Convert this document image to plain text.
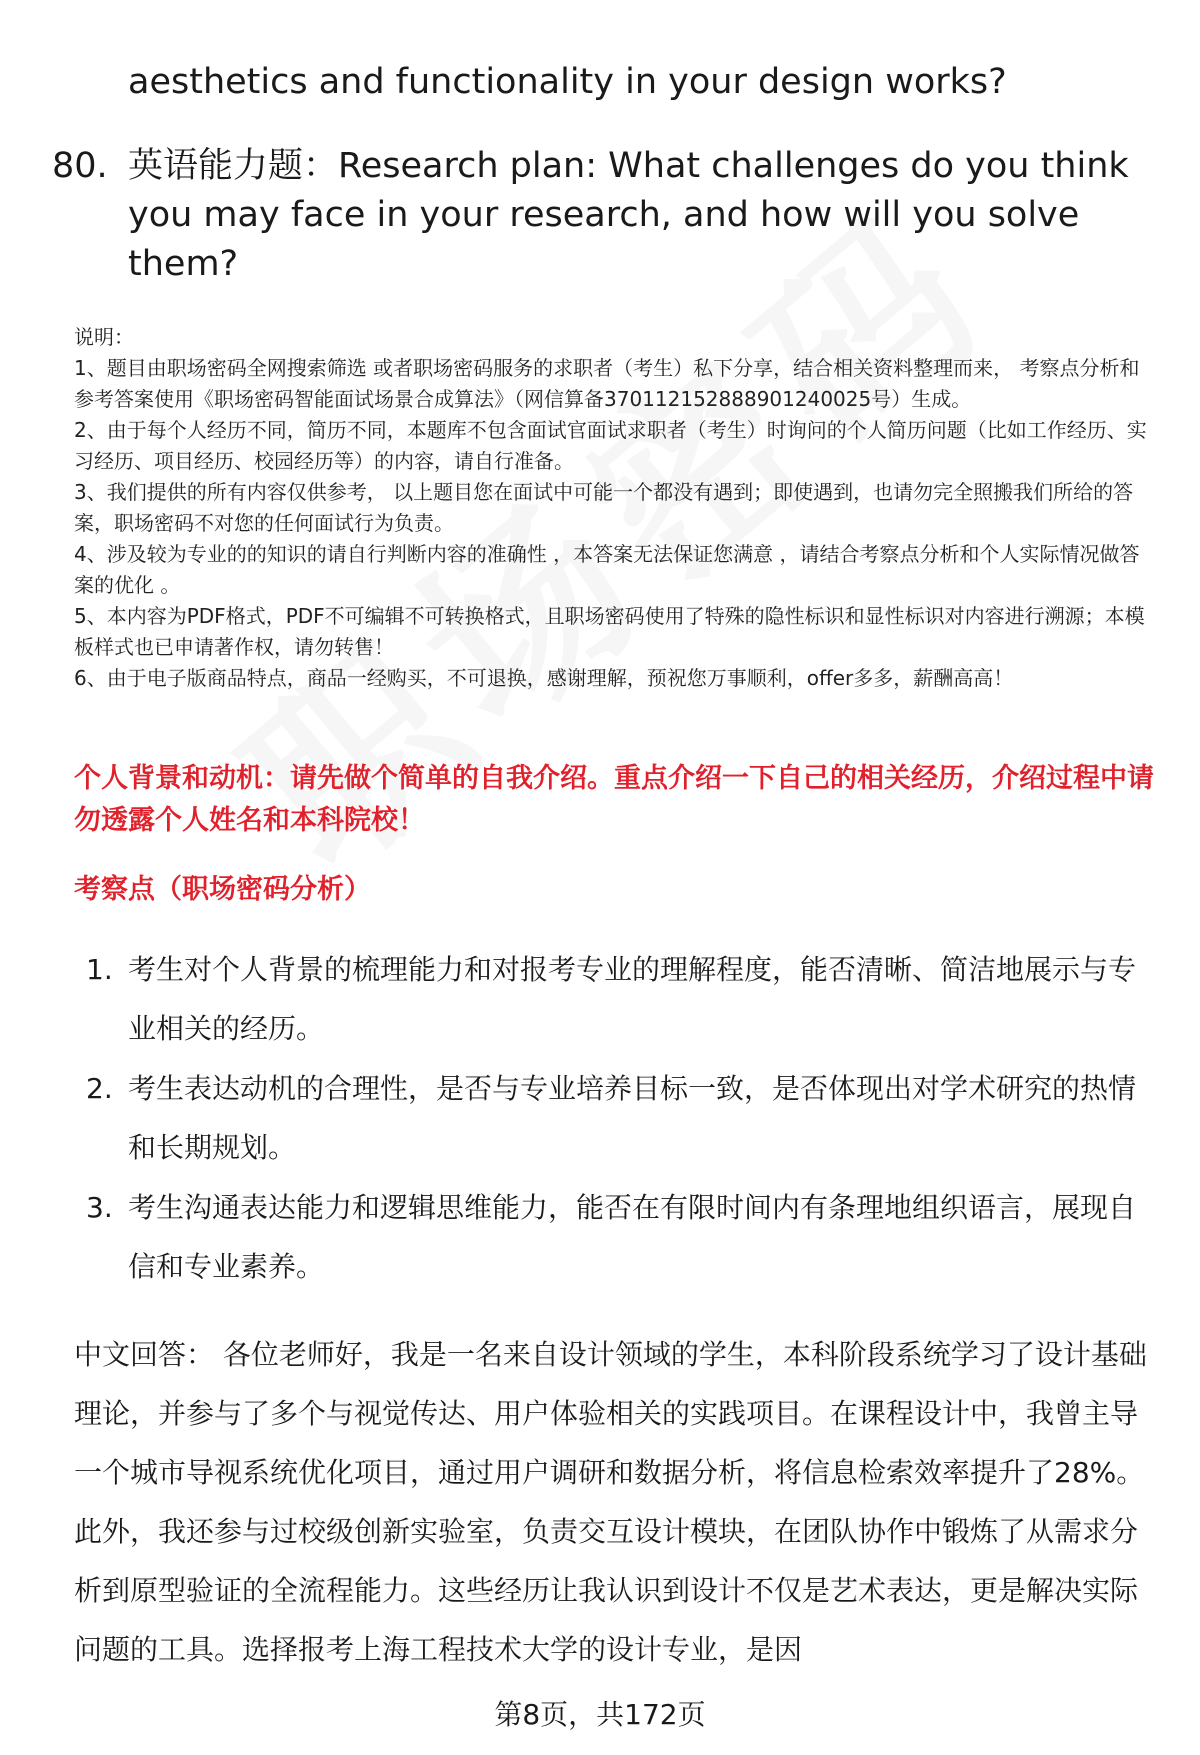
aesthetics and functionality in your design works?

80. 英语能力题：Research plan: What challenges do you think you may face in your research, and how will you solve them?

说明：

1、题目由职场密码全网搜索筛选 或者职场密码服务的求职者（考生）私下分享，结合相关资料整理而来， 考察点分析和参考答案使用《职场密码智能面试场景合成算法》（网信算备370112152888901240025号）生成。

2、由于每个人经历不同，简历不同，本题库不包含面试官面试求职者（考生）时询问的个人简历问题（比如工作经历、实习经历、项目经历、校园经历等）的内容，请自行准备。

3、我们提供的所有内容仅供参考， 以上题目您在面试中可能一个都没有遇到；即使遇到，也请勿完全照搬我们所给的答案，职场密码不对您的任何面试行为负责。

4、涉及较为专业的的知识的请自行判断内容的准确性 ，本答案无法保证您满意 ，请结合考察点分析和个人实际情况做答案的优化 。

5、本内容为PDF格式，PDF不可编辑不可转换格式，且职场密码使用了特殊的隐性标识和显性标识对内容进行溯源；本模板样式也已申请著作权，请勿转售！

6、由于电子版商品特点，商品一经购买，不可退换，感谢理解，预祝您万事顺利，offer多多，薪酬高高！

个人背景和动机：请先做个简单的自我介绍。重点介绍一下自己的相关经历，介绍过程中请勿透露个人姓名和本科院校！

考察点（职场密码分析）

1. 考生对个人背景的梳理能力和对报考专业的理解程度，能否清晰、简洁地展示与专业相关的经历。
2. 考生表达动机的合理性，是否与专业培养目标一致，是否体现出对学术研究的热情和长期规划。
3. 考生沟通表达能力和逻辑思维能力，能否在有限时间内有条理地组织语言，展现自信和专业素养。

中文回答： 各位老师好，我是一名来自设计领域的学生，本科阶段系统学习了设计基础理论，并参与了多个与视觉传达、用户体验相关的实践项目。在课程设计中，我曾主导一个城市导视系统优化项目，通过用户调研和数据分析，将信息检索效率提升了28%。此外，我还参与过校级创新实验室，负责交互设计模块，在团队协作中锻炼了从需求分析到原型验证的全流程能力。这些经历让我认识到设计不仅是艺术表达，更是解决实际问题的工具。选择报考上海工程技术大学的设计专业，是因

第8页，共172页
